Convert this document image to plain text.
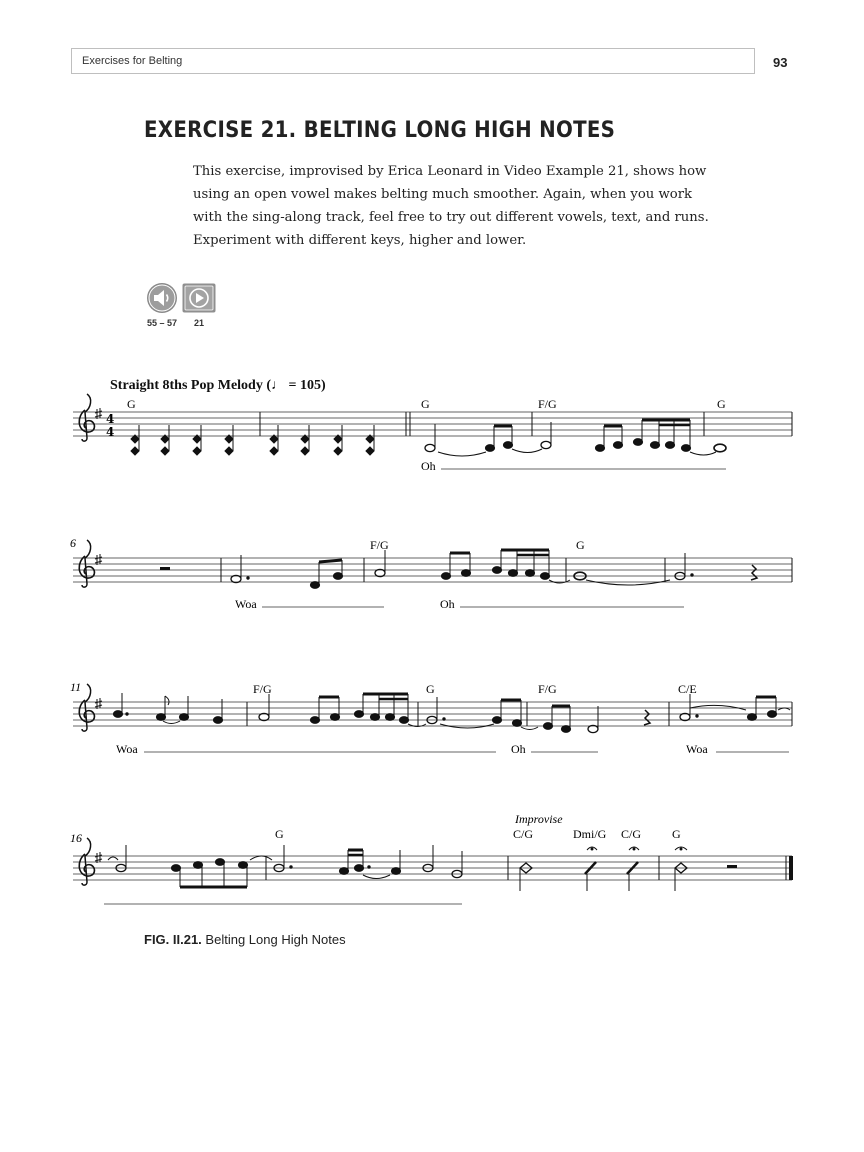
Exercises for Belting	93
EXERCISE 21. BELTING LONG HIGH NOTES
This exercise, improvised by Erica Leonard in Video Example 21, shows how using an open vowel makes belting much smoother. Again, when you work with the sing-along track, feel free to try out different vowels, text, and runs. Experiment with different keys, higher and lower.
55 – 57 21
Straight 8ths Pop Melody (♩ = 105)
4
4
G	G	F/G	G
Oh
6	F/G	G
Woa	Oh
11	F/G	G	F/G	C/E
Woa	Oh	Woa
16
Improvise
G	C/G	Dmi/G C/G	G
FIG. II.21. Belting Long High Notes
